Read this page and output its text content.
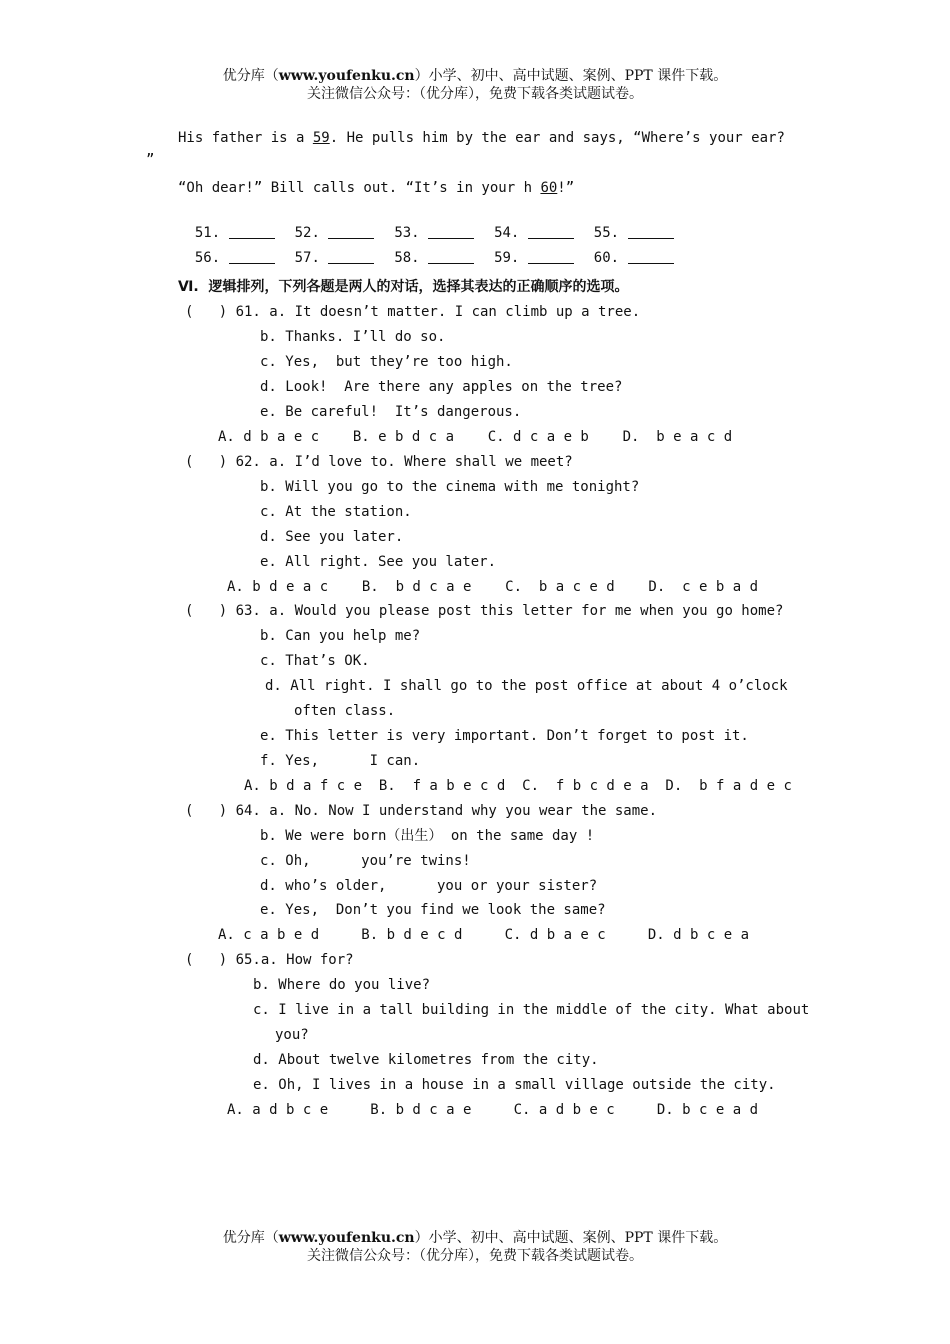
优分库（www.youfenku.cn）小学、初中、高中试题、案例、PPT 课件下载。
关注微信公众号：（优分库），免费下载各类试题试卷。
His father is a 59. He pulls him by the ear and says, “Where’s your ear?
”
“Oh dear!” Bill calls out. “It’s in your h 60!”

51.	52.	53.	54.	55.

56.	57.	58.	59.	60.

Ⅵ.  逻辑排列，下列各题是两人的对话，选择其表达的正确顺序的选项。
(   ) 61. a. It doesn’t matter. I can climb up a tree.
b. Thanks. I’ll do so.
c. Yes,  but they’re too high.
d. Look!  Are there any apples on the tree?
e. Be careful!  It’s dangerous.
A. d b a e c    B. e b d c a    C. d c a e b    D.  b e a c d
(   ) 62. a. I’d love to. Where shall we meet?
b. Will you go to the cinema with me tonight?
c. At the station.
d. See you later.
e. All right. See you later.
A. b d e a c    B.  b d c a e    C.  b a c e d    D.  c e b a d
(   ) 63. a. Would you please post this letter for me when you go home?
b. Can you help me?
c. That’s OK.
d. All right. I shall go to the post office at about 4 o’clock
often class.
e. This letter is very important. Don’t forget to post it.
f. Yes,      I can.
A. b d a f c e  B.  f a b e c d  C.  f b c d e a  D.  b f a d e c
(   ) 64. a. No. Now I understand why you wear the same.
b. We were born（出生） on the same day !
c. Oh,      you’re twins!
d. who’s older,      you or your sister?
e. Yes,  Don’t you find we look the same?
A. c a b e d     B. b d e c d     C. d b a e c     D. d b c e a
(   ) 65.a. How for?
b. Where do you live?
c. I live in a tall building in the middle of the city. What about
you?
d. About twelve kilometres from the city.
e. Oh, I lives in a house in a small village outside the city.
A. a d b c e     B. b d c a e     C. a d b e c     D. b c e a d
优分库（www.youfenku.cn）小学、初中、高中试题、案例、PPT 课件下载。
关注微信公众号：（优分库），免费下载各类试题试卷。
